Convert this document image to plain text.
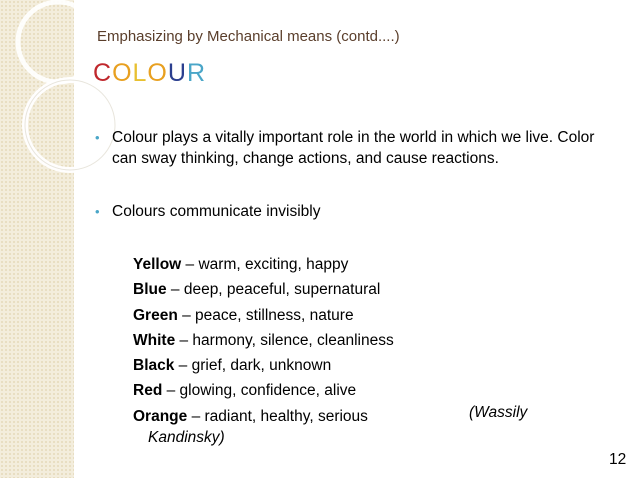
Emphasizing by Mechanical means (contd....)
COLOUR
• Colour plays a vitally important role in the world in which we live. Color can sway thinking, change actions, and cause reactions.
• Colours communicate invisibly
Yellow – warm, exciting, happy
Blue – deep, peaceful, supernatural
Green – peace, stillness, nature
White – harmony, silence, cleanliness
Black – grief, dark, unknown
Red – glowing, confidence, alive
Orange – radiant, healthy, serious	(Wassily
Kandinsky)
12
